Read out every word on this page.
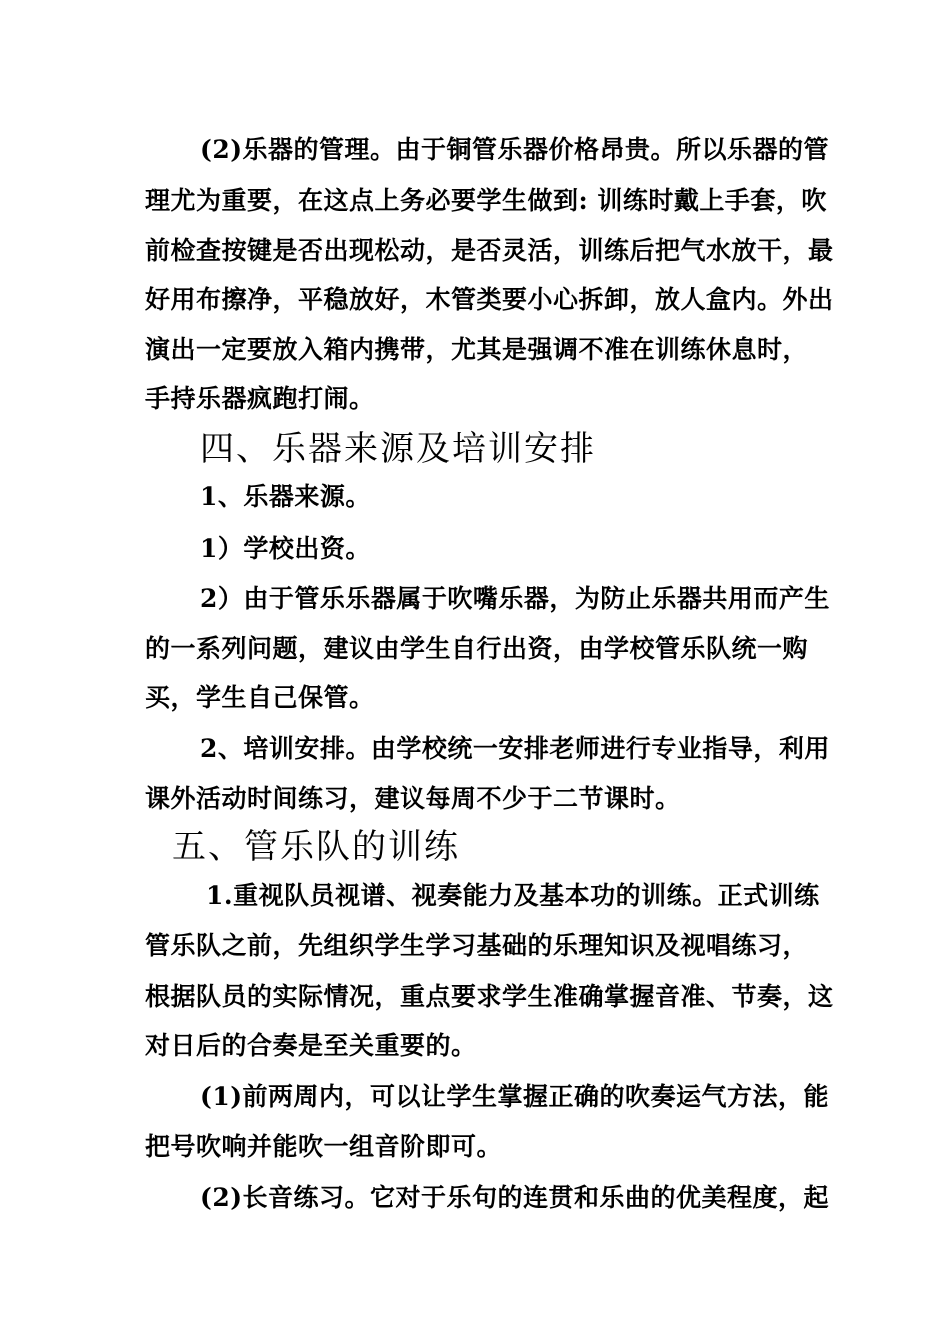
(2)乐器的管理。由于铜管乐器价格昂贵。所以乐器的管
理尤为重要，在这点上务必要学生做到: 训练时戴上手套，吹
前检查按键是否出现松动，是否灵活，训练后把气水放干，最
好用布擦净，平稳放好，木管类要小心拆卸，放人盒内。外出
演出一定要放入箱内携带，尤其是强调不准在训练休息时，
手持乐器疯跑打闹。
四、乐器来源及培训安排
1、乐器来源。
1）学校出资。
2）由于管乐乐器属于吹嘴乐器，为防止乐器共用而产生
的一系列问题，建议由学生自行出资，由学校管乐队统一购
买，学生自己保管。
2、培训安排。由学校统一安排老师进行专业指导，利用
课外活动时间练习，建议每周不少于二节课时。
五、管乐队的训练
1.重视队员视谱、视奏能力及基本功的训练。正式训练
管乐队之前，先组织学生学习基础的乐理知识及视唱练习，
根据队员的实际情况，重点要求学生准确掌握音准、节奏，这
对日后的合奏是至关重要的。
(1)前两周内，可以让学生掌握正确的吹奏运气方法，能
把号吹响并能吹一组音阶即可。
(2)长音练习。它对于乐句的连贯和乐曲的优美程度，起
